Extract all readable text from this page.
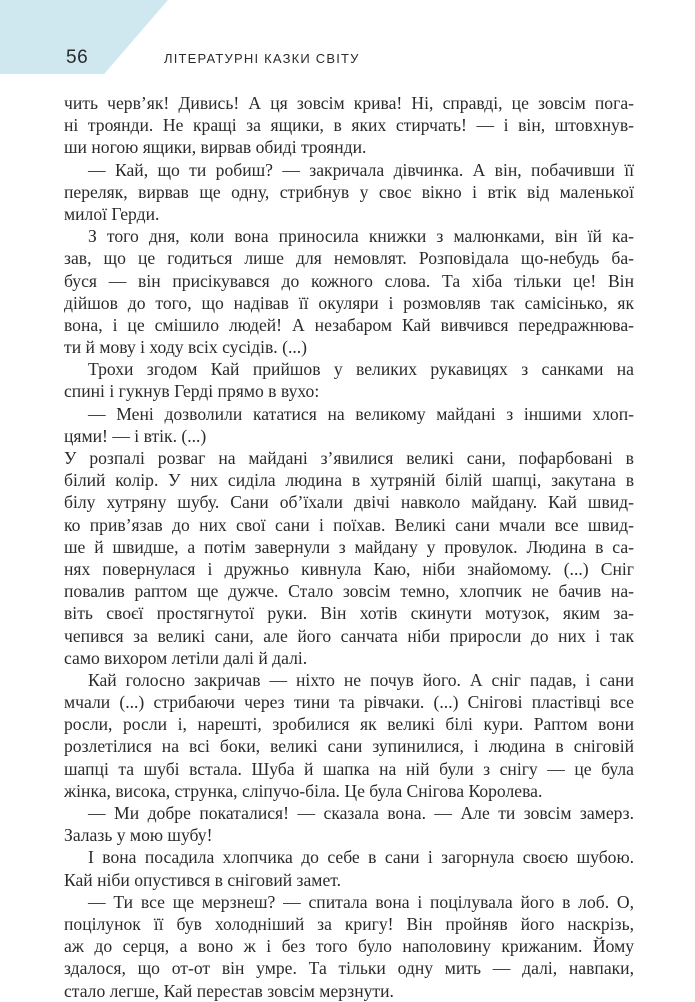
56	ЛІТЕРАТУРНІ КАЗКИ СВІТУ
чить черв’як! Дивись! А ця зовсім крива! Ні, справді, це зовсім пога-
ні троянди. Не кращі за ящики, в яких стирчать! — і він, штовхнув-
ши ногою ящики, вирвав обиді троянди.
— Кай, що ти робиш? — закричала дівчинка. А він, побачивши її
переляк, вирвав ще одну, стрибнув у своє вікно і втік від маленької
милої Герди.
З того дня, коли вона приносила книжки з малюнками, він їй ка-
зав, що це годиться лише для немовлят. Розповідала що-небудь ба-
буся — він присікувався до кожного слова. Та хіба тільки це! Він
дійшов до того, що надівав її окуляри і розмовляв так самісінько, як
вона, і це смішило людей! А незабаром Кай вивчився передражнюва-
ти й мову і ходу всіх сусідів. (...)
Трохи згодом Кай прийшов у великих рукавицях з санками на
спині і гукнув Герді прямо в вухо:
— Мені дозволили кататися на великому майдані з іншими хлоп-
цями! — і втік. (...)
У розпалі розваг на майдані з’явилися великі сани, пофарбовані в
білий колір. У них сиділа людина в хутряній білій шапці, закутана в
білу хутряну шубу. Сани об’їхали двічі навколо майдану. Кай швид-
ко прив’язав до них свої сани і поїхав. Великі сани мчали все швид-
ше й швидше, а потім завернули з майдану у провулок. Людина в са-
нях повернулася і дружньо кивнула Каю, ніби знайомому. (...) Сніг
повалив раптом ще дужче. Стало зовсім темно, хлопчик не бачив на-
віть своєї простягнутої руки. Він хотів скинути мотузок, яким за-
чепився за великі сани, але його санчата ніби приросли до них і так
само вихором летіли далі й далі.
Кай голосно закричав — ніхто не почув його. А сніг падав, і сани
мчали (...) стрибаючи через тини та рівчаки. (...) Снігові пластівці все
росли, росли і, нарешті, зробилися як великі білі кури. Раптом вони
розлетілися на всі боки, великі сани зупинилися, і людина в сніговій
шапці та шубі встала. Шуба й шапка на ній були з снігу — це була
жінка, висока, струнка, сліпучо-біла. Це була Снігова Королева.
— Ми добре покаталися! — сказала вона. — Але ти зовсім замерз.
Залазь у мою шубу!
І вона посадила хлопчика до себе в сани і загорнула своєю шубою.
Кай ніби опустився в сніговий замет.
— Ти все ще мерзнеш? — спитала вона і поцілувала його в лоб. О,
поцілунок її був холодніший за кригу! Він пройняв його наскрізь,
аж до серця, а воно ж і без того було наполовину крижаним. Йому
здалося, що от-от він умре. Та тільки одну мить — далі, навпаки,
стало легше, Кай перестав зовсім мерзнути.
